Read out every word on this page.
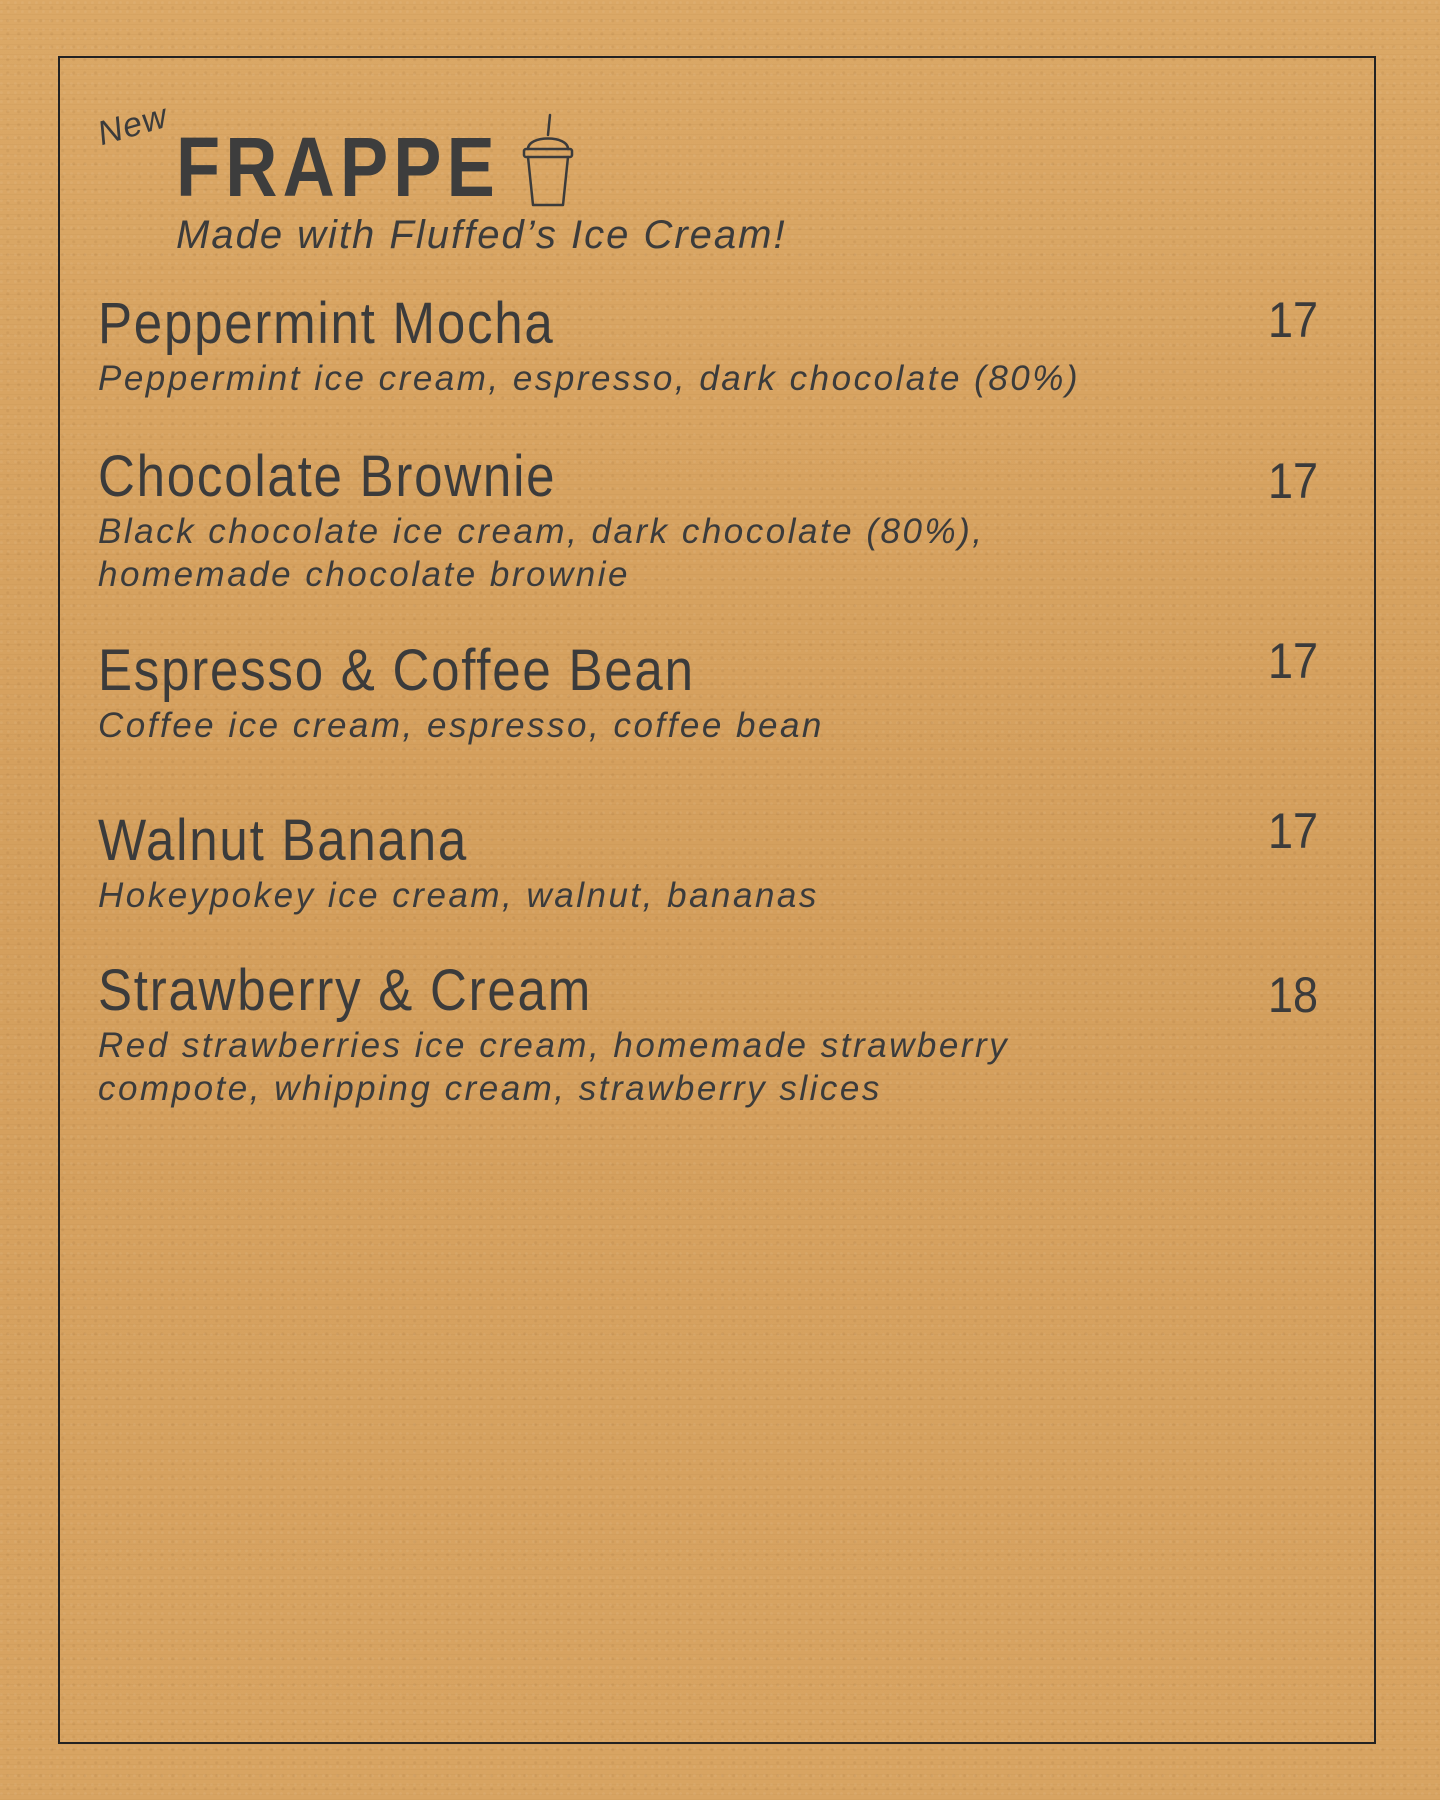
New FRAPPE
Made with Fluffed’s Ice Cream!
Peppermint Mocha
Peppermint ice cream, espresso, dark chocolate (80%)
17
Chocolate Brownie
Black chocolate ice cream, dark chocolate (80%), homemade chocolate brownie
17
Espresso & Coffee Bean
Coffee ice cream, espresso, coffee bean
17
Walnut Banana
Hokeypokey ice cream, walnut, bananas
17
Strawberry & Cream
Red strawberries ice cream, homemade strawberry compote, whipping cream, strawberry slices
18
